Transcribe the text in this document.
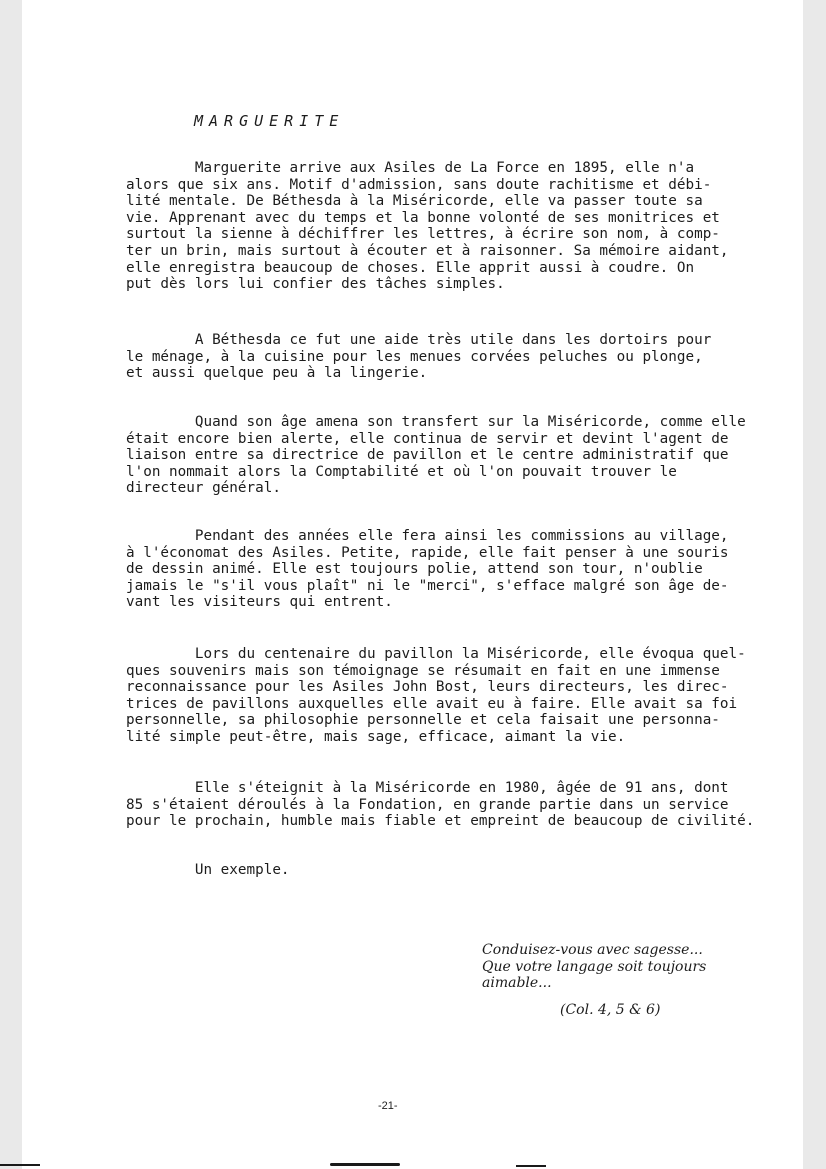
MARGUERITE
Marguerite arrive aux Asiles de La Force en 1895, elle n'a
alors que six ans. Motif d'admission, sans doute rachitisme et débi-
lité mentale. De Béthesda à la Miséricorde, elle va passer toute sa
vie. Apprenant avec du temps et la bonne volonté de ses monitrices et
surtout la sienne à déchiffrer les lettres, à écrire son nom, à comp-
ter un brin, mais surtout à écouter et à raisonner. Sa mémoire aidant,
elle enregistra beaucoup de choses. Elle apprit aussi à coudre. On
put dès lors lui confier des tâches simples.
A Béthesda ce fut une aide très utile dans les dortoirs pour
le ménage, à la cuisine pour les menues corvées peluches ou plonge,
et aussi quelque peu à la lingerie.
Quand son âge amena son transfert sur la Miséricorde, comme elle
était encore bien alerte, elle continua de servir et devint l'agent de
liaison entre sa directrice de pavillon et le centre administratif que
l'on nommait alors la Comptabilité et où l'on pouvait trouver le
directeur général.
Pendant des années elle fera ainsi les commissions au village,
à l'économat des Asiles. Petite, rapide, elle fait penser à une souris
de dessin animé. Elle est toujours polie, attend son tour, n'oublie
jamais le "s'il vous plaît" ni le "merci", s'efface malgré son âge de-
vant les visiteurs qui entrent.
Lors du centenaire du pavillon la Miséricorde, elle évoqua quel-
ques souvenirs mais son témoignage se résumait en fait en une immense
reconnaissance pour les Asiles John Bost, leurs directeurs, les direc-
trices de pavillons auxquelles elle avait eu à faire. Elle avait sa foi
personnelle, sa philosophie personnelle et cela faisait une personna-
lité simple peut-être, mais sage, efficace, aimant la vie.
Elle s'éteignit à la Miséricorde en 1980, âgée de 91 ans, dont
85 s'étaient déroulés à la Fondation, en grande partie dans un service
pour le prochain, humble mais fiable et empreint de beaucoup de civilité.
Un exemple.
Conduisez-vous avec sagesse...
Que votre langage soit toujours
aimable...
(Col. 4, 5 & 6)
-21-
